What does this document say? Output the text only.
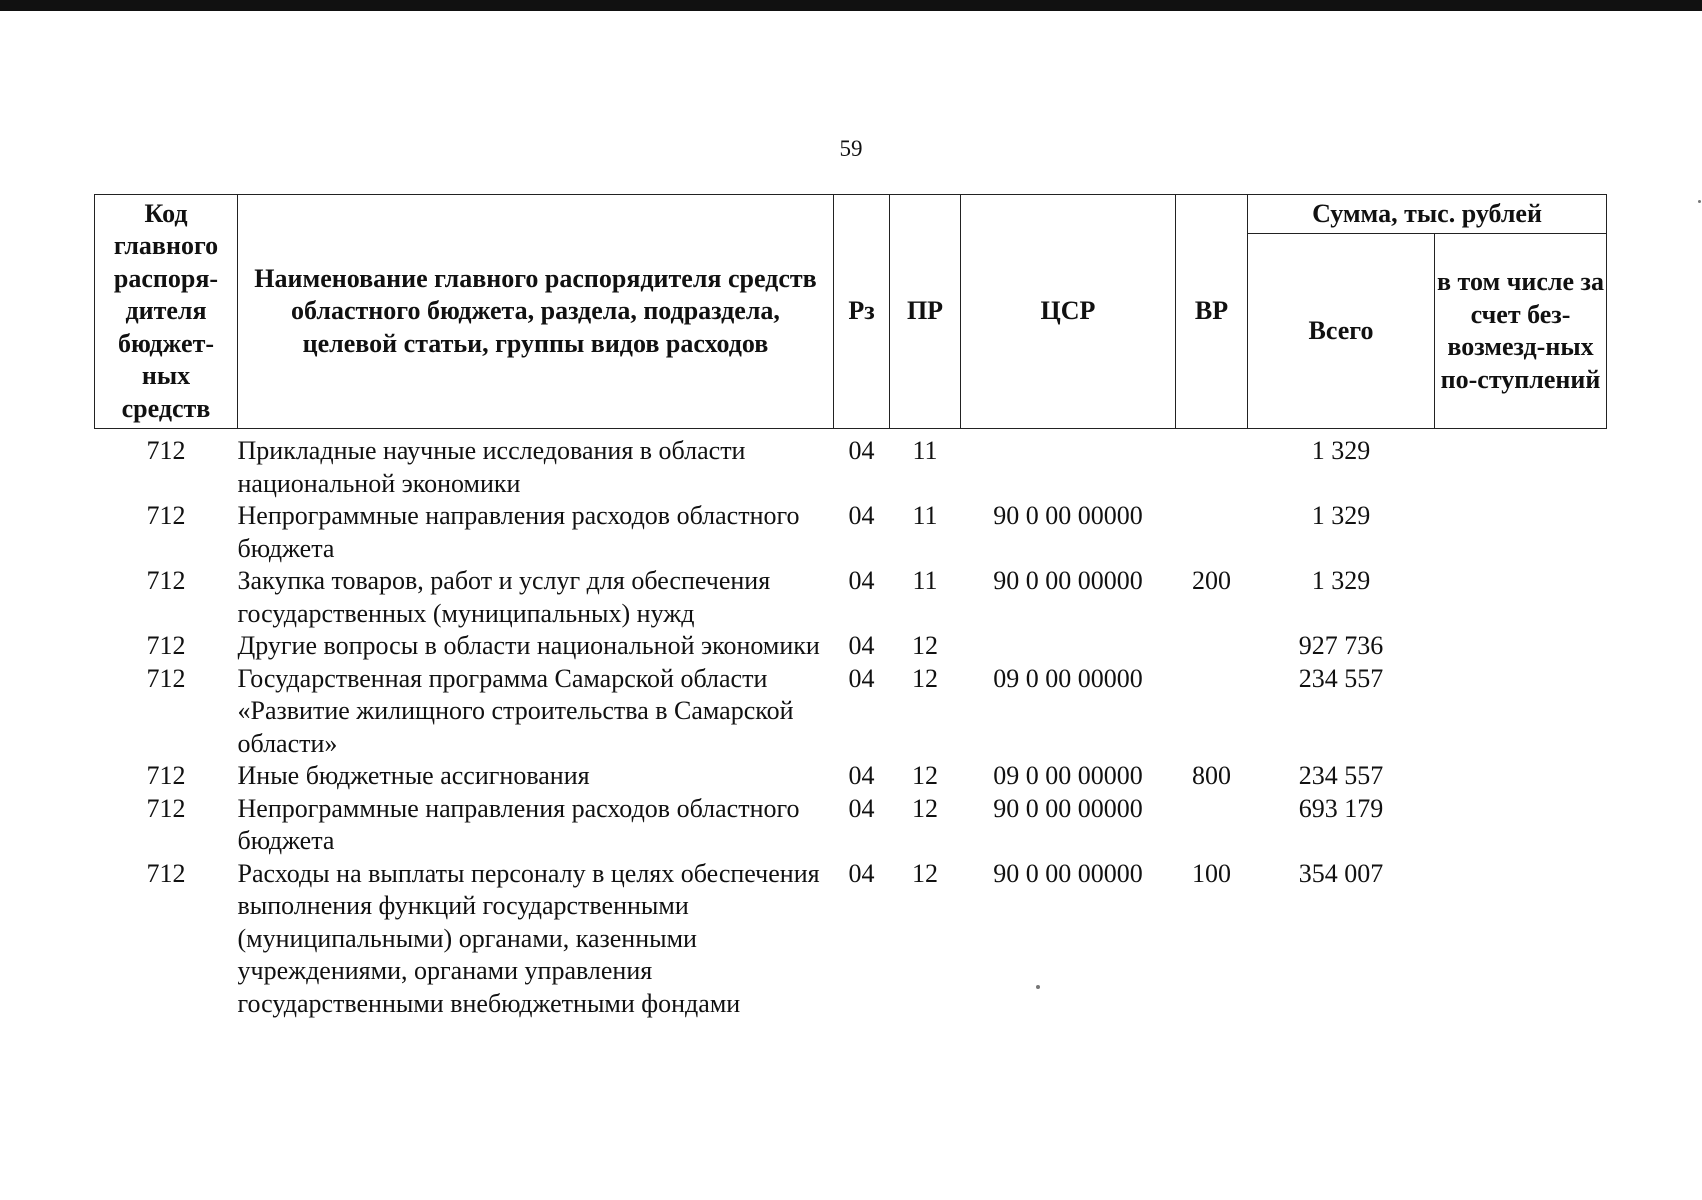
59
Код главного распоря-дителя бюджет-ных средств	Наименование главного распорядителя средств областного бюджета, раздела, подраздела, целевой статьи, группы видов расходов	Рз	ПР	ЦСР	ВР	Сумма, тыс. рублей	
						Всего	в том числе за счет без-возмезд-ных по-ступлений
712	Прикладные научные исследования в области национальной экономики	04	11			1 329	
712	Непрограммные направления расходов областного бюджета	04	11	90 0 00 00000		1 329	
712	Закупка товаров, работ и услуг для обеспечения государственных (муниципальных) нужд	04	11	90 0 00 00000	200	1 329	
712	Другие вопросы в области национальной экономики	04	12			927 736	
712	Государственная программа Самарской области «Развитие жилищного строительства в Самарской области»	04	12	09 0 00 00000		234 557	
712	Иные бюджетные ассигнования	04	12	09 0 00 00000	800	234 557	
712	Непрограммные направления расходов областного бюджета	04	12	90 0 00 00000		693 179	
712	Расходы на выплаты персоналу в целях обеспечения выполнения функций государственными (муниципальными) органами, казенными учреждениями, органами управления государственными внебюджетными фондами	04	12	90 0 00 00000	100	354 007	
